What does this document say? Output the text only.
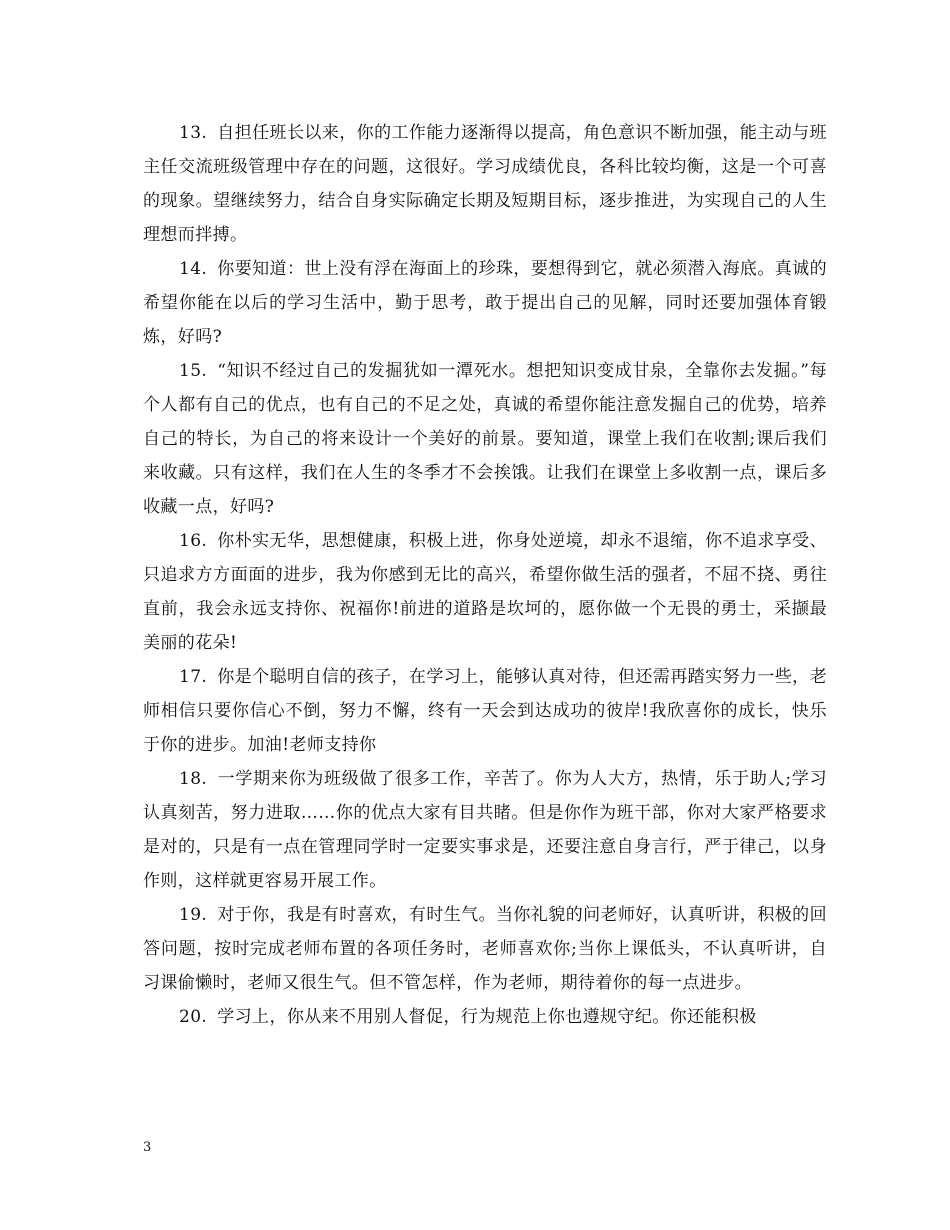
13. 自担任班长以来，你的工作能力逐渐得以提高，角色意识不断加强，能主动与班主任交流班级管理中存在的问题，这很好。学习成绩优良，各科比较均衡，这是一个可喜的现象。望继续努力，结合自身实际确定长期及短期目标，逐步推进，为实现自己的人生理想而拌搏。

14. 你要知道：世上没有浮在海面上的珍珠，要想得到它，就必须潜入海底。真诚的希望你能在以后的学习生活中，勤于思考，敢于提出自己的见解，同时还要加强体育锻炼，好吗?

15. “知识不经过自己的发掘犹如一潭死水。想把知识变成甘泉，全靠你去发掘。”每个人都有自己的优点，也有自己的不足之处，真诚的希望你能注意发掘自己的优势，培养自己的特长，为自己的将来设计一个美好的前景。要知道，课堂上我们在收割;课后我们来收藏。只有这样，我们在人生的冬季才不会挨饿。让我们在课堂上多收割一点，课后多收藏一点，好吗?

16. 你朴实无华，思想健康，积极上进，你身处逆境，却永不退缩，你不追求享受、只追求方方面面的进步，我为你感到无比的高兴，希望你做生活的强者，不屈不挠、勇往直前，我会永远支持你、祝福你!前进的道路是坎坷的，愿你做一个无畏的勇士，采撷最美丽的花朵!

17. 你是个聪明自信的孩子，在学习上，能够认真对待，但还需再踏实努力一些，老师相信只要你信心不倒，努力不懈，终有一天会到达成功的彼岸!我欣喜你的成长，快乐于你的进步。加油!老师支持你

18. 一学期来你为班级做了很多工作，辛苦了。你为人大方，热情，乐于助人;学习认真刻苦，努力进取……你的优点大家有目共睹。但是你作为班干部，你对大家严格要求是对的，只是有一点在管理同学时一定要实事求是，还要注意自身言行，严于律己，以身作则，这样就更容易开展工作。

19. 对于你，我是有时喜欢，有时生气。当你礼貌的问老师好，认真听讲，积极的回答问题，按时完成老师布置的各项任务时，老师喜欢你;当你上课低头，不认真听讲，自习课偷懒时，老师又很生气。但不管怎样，作为老师，期待着你的每一点进步。

20. 学习上，你从来不用别人督促，行为规范上你也遵规守纪。你还能积极

3
